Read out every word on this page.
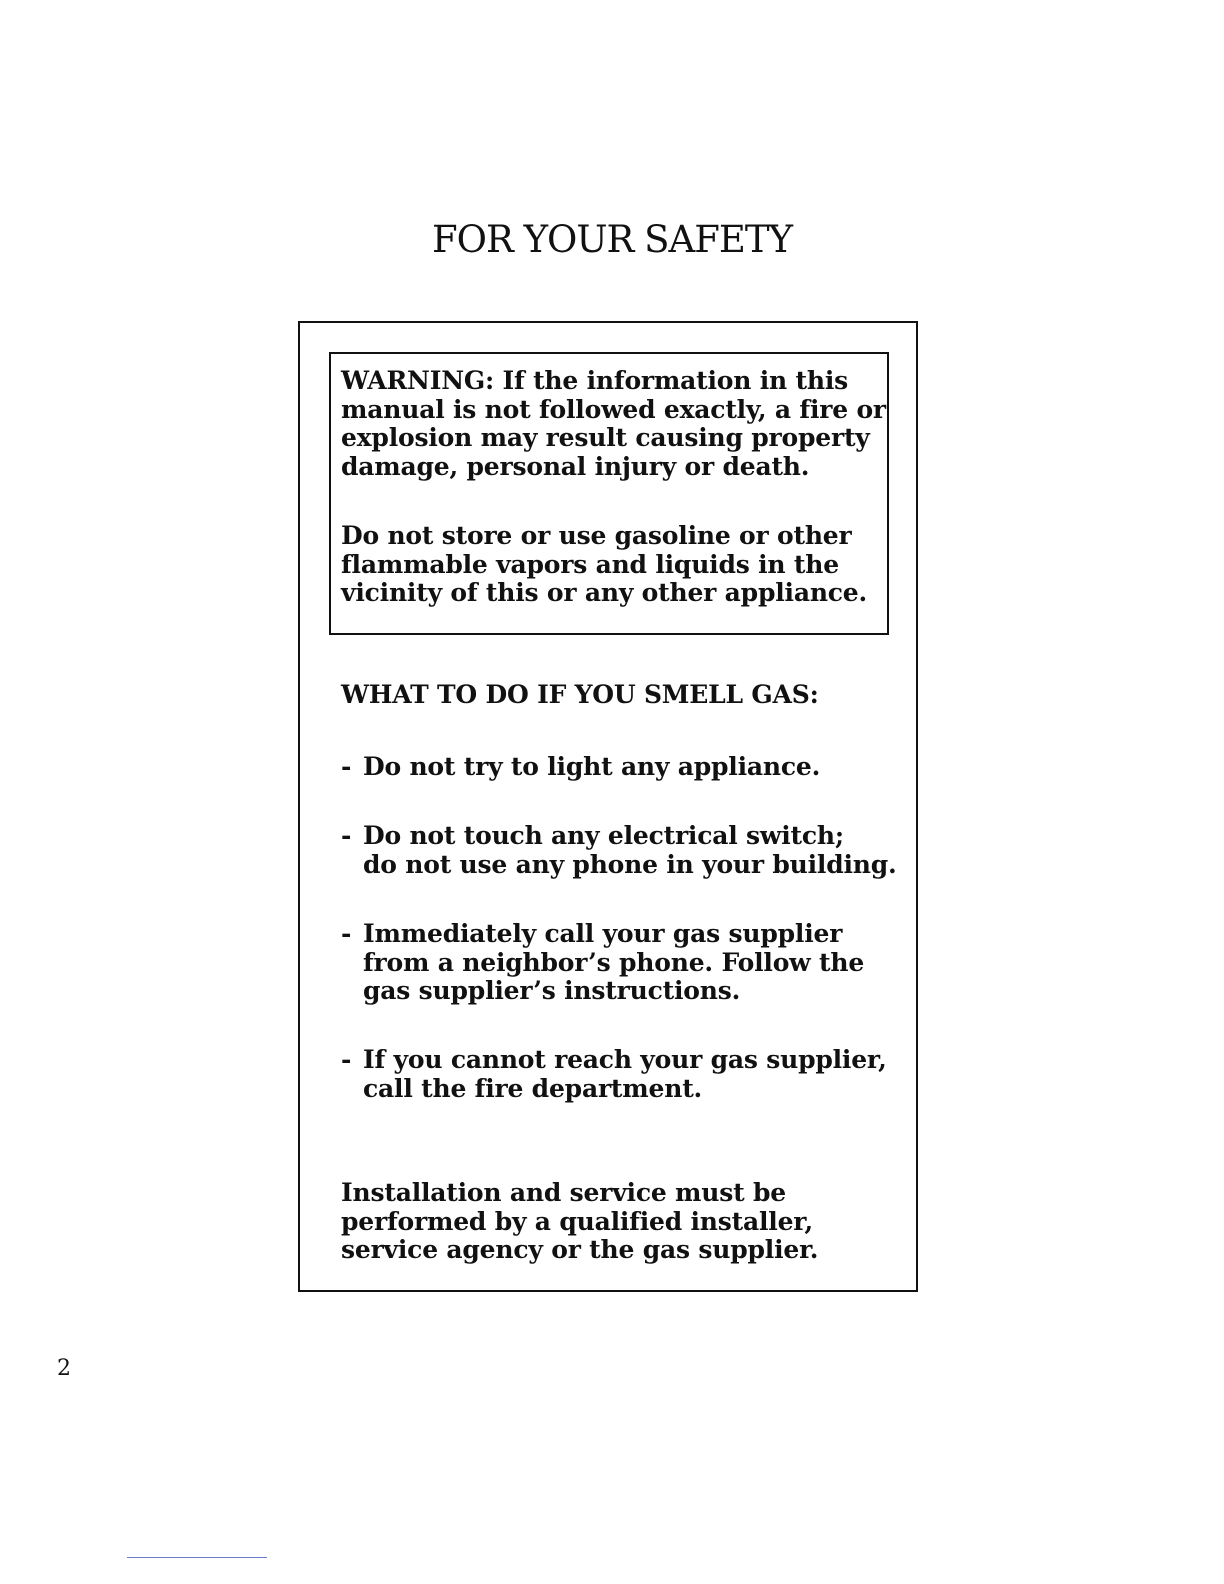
FOR YOUR SAFETY

WARNING: If the information in this
manual is not followed exactly, a fire or
explosion may result causing property
damage, personal injury or death.

Do not store or use gasoline or other
flammable vapors and liquids in the
vicinity of this or any other appliance.

WHAT TO DO IF YOU SMELL GAS:

- Do not try to light any appliance.

- Do not touch any electrical switch;
do not use any phone in your building.

- Immediately call your gas supplier
from a neighbor’s phone. Follow the
gas supplier’s instructions.

- If you cannot reach your gas supplier,
call the fire department.

Installation and service must be
performed by a qualified installer,
service agency or the gas supplier.

2
